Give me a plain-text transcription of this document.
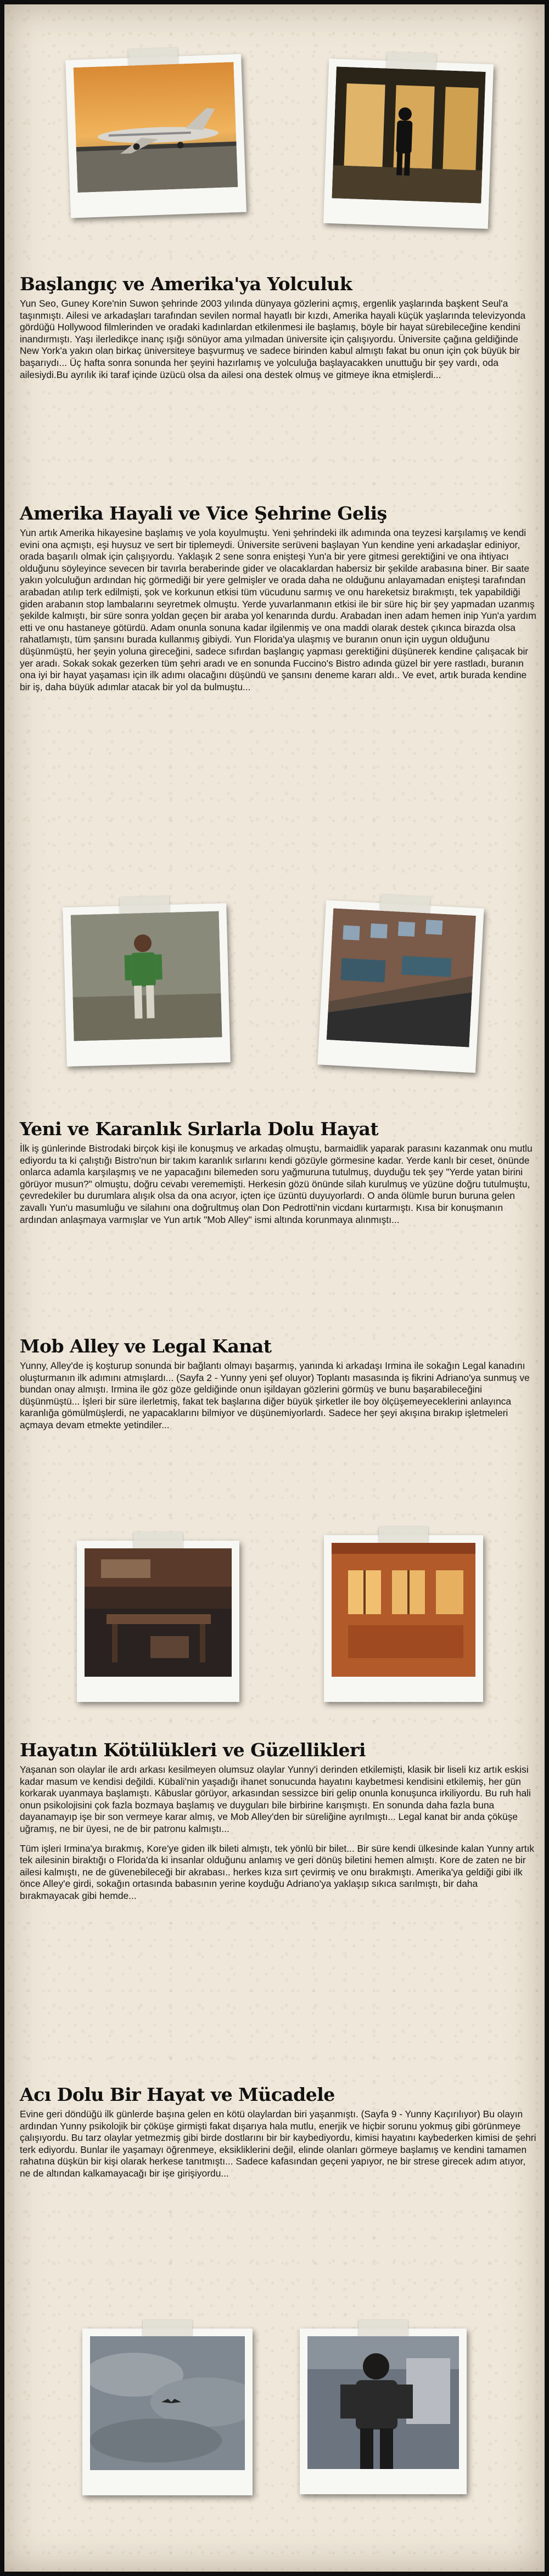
Başlangıç ve Amerika'ya Yolculuk

Yun Seo, Guney Kore'nin Suwon şehrinde 2003 yılında dünyaya gözlerini açmış, ergenlik yaşlarında başkent Seul'a taşınmıştı. Ailesi ve arkadaşları tarafından sevilen normal hayatlı bir kızdı, Amerika hayali küçük yaşlarında televizyonda gördüğü Hollywood filmlerinden ve oradaki kadınlardan etkilenmesi ile başlamış, böyle bir hayat sürebileceğine kendini inandırmıştı. Yaşı ilerledikçe inanç ışığı sönüyor ama yılmadan üniversite için çalışıyordu. Üniversite çağına geldiğinde New York'a yakın olan birkaç üniversiteye başvurmuş ve sadece birinden kabul almıştı fakat bu onun için çok büyük bir başarıydı... Üç hafta sonra sonunda her şeyini hazırlamış ve yolculuğa başlayacakken unuttuğu bir şey vardı, oda ailesiydi.Bu ayrılık iki taraf içinde üzücü olsa da ailesi ona destek olmuş ve gitmeye ikna etmişlerdi...

Amerika Hayali ve Vice Şehrine Geliş

Yun artık Amerika hikayesine başlamış ve yola koyulmuştu. Yeni şehrindeki ilk adımında ona teyzesi karşılamış ve kendi evini ona açmıştı, eşi huysuz ve sert bir tiplemeydi. Üniversite serüveni başlayan Yun kendine yeni arkadaşlar ediniyor, orada başarılı olmak için çalışıyordu. Yaklaşık 2 sene sonra enişteşi Yun'a bir yere gitmesi gerektiğini ve ona ihtiyacı olduğunu söyleyince sevecen bir tavırla beraberinde gider ve olacaklardan habersiz bir şekilde arabasına biner. Bir saate yakın yolculuğun ardından hiç görmediği bir yere gelmişler ve orada daha ne olduğunu anlayamadan enişteşi tarafından arabadan atılıp terk edilmişti, şok ve korkunun etkisi tüm vücudunu sarmış ve onu hareketsiz bırakmıştı, tek yapabildiği giden arabanın stop lambalarını seyretmek olmuştu. Yerde yuvarlanmanın etkisi ile bir süre hiç bir şey yapmadan uzanmış şekilde kalmıştı, bir süre sonra yoldan geçen bir araba yol kenarında durdu. Arabadan inen adam hemen inip Yun'a yardım etti ve onu hastaneye götürdü. Adam onunla sonuna kadar ilgilenmiş ve ona maddi olarak destek çıkınca birazda olsa rahatlamıştı, tüm şansını burada kullanmış gibiydi. Yun Florida'ya ulaşmış ve buranın onun için uygun olduğunu düşünmüştü, her şeyin yoluna gireceğini, sadece sıfırdan başlangıç yapması gerektiğini düşünerek kendine çalışacak bir yer aradı. Sokak sokak gezerken tüm şehri aradı ve en sonunda Fuccino's Bistro adında güzel bir yere rastladı, buranın ona iyi bir hayat yaşaması için ilk adımı olacağını düşündü ve şansını deneme kararı aldı.. Ve evet, artık burada kendine bir iş, daha büyük adımlar atacak bir yol da bulmuştu...

Yeni ve Karanlık Sırlarla Dolu Hayat

İlk iş günlerinde Bistrodaki birçok kişi ile konuşmuş ve arkadaş olmuştu, barmaidlik yaparak parasını kazanmak onu mutlu ediyordu ta ki çalıştığı Bistro'nun bir takım karanlık sırlarını kendi gözüyle görmesine kadar. Yerde kanlı bir ceset, önünde onlarca adamla karşılaşmış ve ne yapacağını bilemeden soru yağmuruna tutulmuş, duyduğu tek şey "Yerde yatan birini görüyor musun?" olmuştu, doğru cevabı verememişti. Herkesin gözü önünde silah kurulmuş ve yüzüne doğru tutulmuştu, çevredekiler bu durumlara alışık olsa da ona acıyor, içten içe üzüntü duyuyorlardı. O anda ölümle burun buruna gelen zavallı Yun'u masumluğu ve silahını ona doğrultmuş olan Don Pedrotti'nin vicdanı kurtarmıştı. Kısa bir konuşmanın ardından anlaşmaya varmışlar ve Yun artık "Mob Alley" ismi altında korunmaya alınmıştı...

Mob Alley ve Legal Kanat

Yunny, Alley'de iş koşturup sonunda bir bağlantı olmayı başarmış, yanında ki arkadaşı Irmina ile sokağın Legal kanadını oluşturmanın ilk adımını atmışlardı... (Sayfa 2 - Yunny yeni şef oluyor) Toplantı masasında iş fikrini Adriano'ya sunmuş ve bundan onay almıştı. Irmina ile göz göze geldiğinde onun işildayan gözlerini görmüş ve bunu başarabileceğini düşünmüştü... İşleri bir süre ilerletmiş, fakat tek başlarına diğer büyük şirketler ile boy ölçüşemeyeceklerini anlayınca karanlığa gömülmüşlerdi, ne yapacaklarını bilmiyor ve düşünemiyorlardı. Sadece her şeyi akışına bırakıp işletmeleri açmaya devam etmekte yetindiler...

Hayatın Kötülükleri ve Güzellikleri

Yaşanan son olaylar ile ardı arkası kesilmeyen olumsuz olaylar Yunny'i derinden etkilemişti, klasik bir liseli kız artık eskisi kadar masum ve kendisi değildi. Kübali'nin yaşadığı ihanet sonucunda hayatını kaybetmesi kendisini etkilemiş, her gün korkarak uyanmaya başlamıştı. Kâbuslar görüyor, arkasından sessizce biri gelip onunla konuşunca irkiliyordu. Bu ruh hali onun psikolojisini çok fazla bozmaya başlamış ve duyguları bile birbirine karışmıştı. En sonunda daha fazla buna dayanamayıp işe bir son vermeye karar almış, ve Mob Alley'den bir süreliğine ayrılmıştı... Legal kanat bir anda çöküşe uğramış, ne bir üyesi, ne de bir patronu kalmıştı...

Tüm işleri Irmina'ya bırakmış, Kore'ye giden ilk bileti almıştı, tek yönlü bir bilet... Bir süre kendi ülkesinde kalan Yunny artık tek ailesinin biraktığı o Florida'da ki insanlar olduğunu anlamış ve geri dönüş biletini hemen almıştı. Kore de zaten ne bir ailesi kalmıştı, ne de güvenebileceği bir akrabası.. herkes kıza sırt çevirmiş ve onu bırakmıştı. Amerika'ya geldiği gibi ilk önce Alley'e girdi, sokağın ortasında babasının yerine koyduğu Adriano'ya yaklaşıp sıkıca sarılmıştı, bir daha bırakmayacak gibi hemde...

Acı Dolu Bir Hayat ve Mücadele

Evine geri döndüğü ilk günlerde başına gelen en kötü olaylardan biri yaşanmıştı. (Sayfa 9 - Yunny Kaçırılıyor) Bu olayın ardından Yunny psikolojik bir çöküşe girmişti fakat dışarıya hala mutlu, enerjik ve hiçbir sorunu yokmuş gibi görünmeye çalışıyordu. Bu tarz olaylar yetmezmiş gibi birde dostlarını bir bir kaybediyordu, kimisi hayatını kaybederken kimisi de şehri terk ediyordu. Bunlar ile yaşamayı öğrenmeye, eksikliklerini değil, elinde olanları görmeye başlamış ve kendini tamamen rahatına düşkün bir kişi olarak herkese tanıtmıştı... Sadece kafasından geçeni yapıyor, ne bir strese girecek adım atıyor, ne de altından kalkamayacağı bir işe girişiyordu...
